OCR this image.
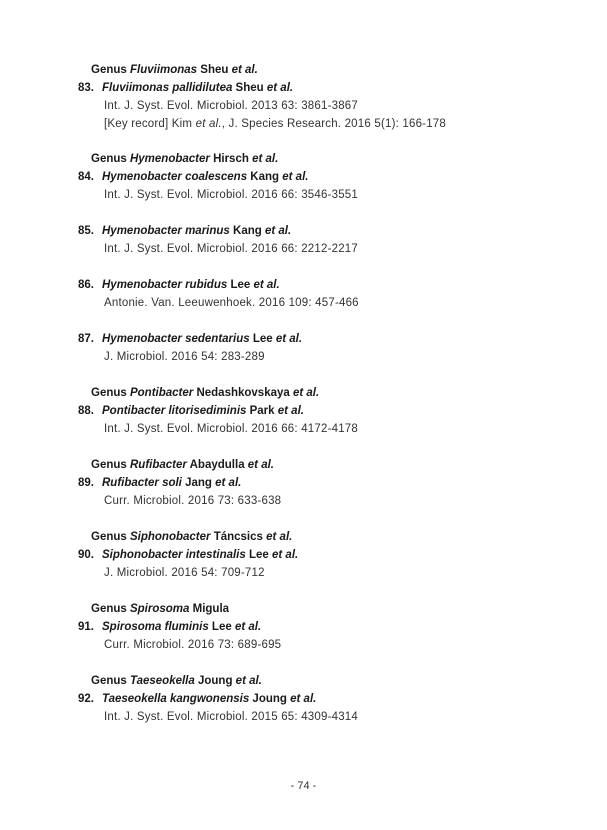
Genus Fluviimonas Sheu et al.
83. Fluviimonas pallidilutea Sheu et al.
Int. J. Syst. Evol. Microbiol. 2013 63: 3861-3867
[Key record] Kim et al., J. Species Research. 2016 5(1): 166-178
Genus Hymenobacter Hirsch et al.
84. Hymenobacter coalescens Kang et al.
Int. J. Syst. Evol. Microbiol. 2016 66: 3546-3551
85. Hymenobacter marinus Kang et al.
Int. J. Syst. Evol. Microbiol. 2016 66: 2212-2217
86. Hymenobacter rubidus Lee et al.
Antonie. Van. Leeuwenhoek. 2016 109: 457-466
87. Hymenobacter sedentarius Lee et al.
J. Microbiol. 2016 54: 283-289
Genus Pontibacter Nedashkovskaya et al.
88. Pontibacter litorisediminis Park et al.
Int. J. Syst. Evol. Microbiol. 2016 66: 4172-4178
Genus Rufibacter Abaydulla et al.
89. Rufibacter soli Jang et al.
Curr. Microbiol. 2016 73: 633-638
Genus Siphonobacter Táncsics et al.
90. Siphonobacter intestinalis Lee et al.
J. Microbiol. 2016 54: 709-712
Genus Spirosoma Migula
91. Spirosoma fluminis Lee et al.
Curr. Microbiol. 2016 73: 689-695
Genus Taeseokella Joung et al.
92. Taeseokella kangwonensis Joung et al.
Int. J. Syst. Evol. Microbiol. 2015 65: 4309-4314
- 74 -
